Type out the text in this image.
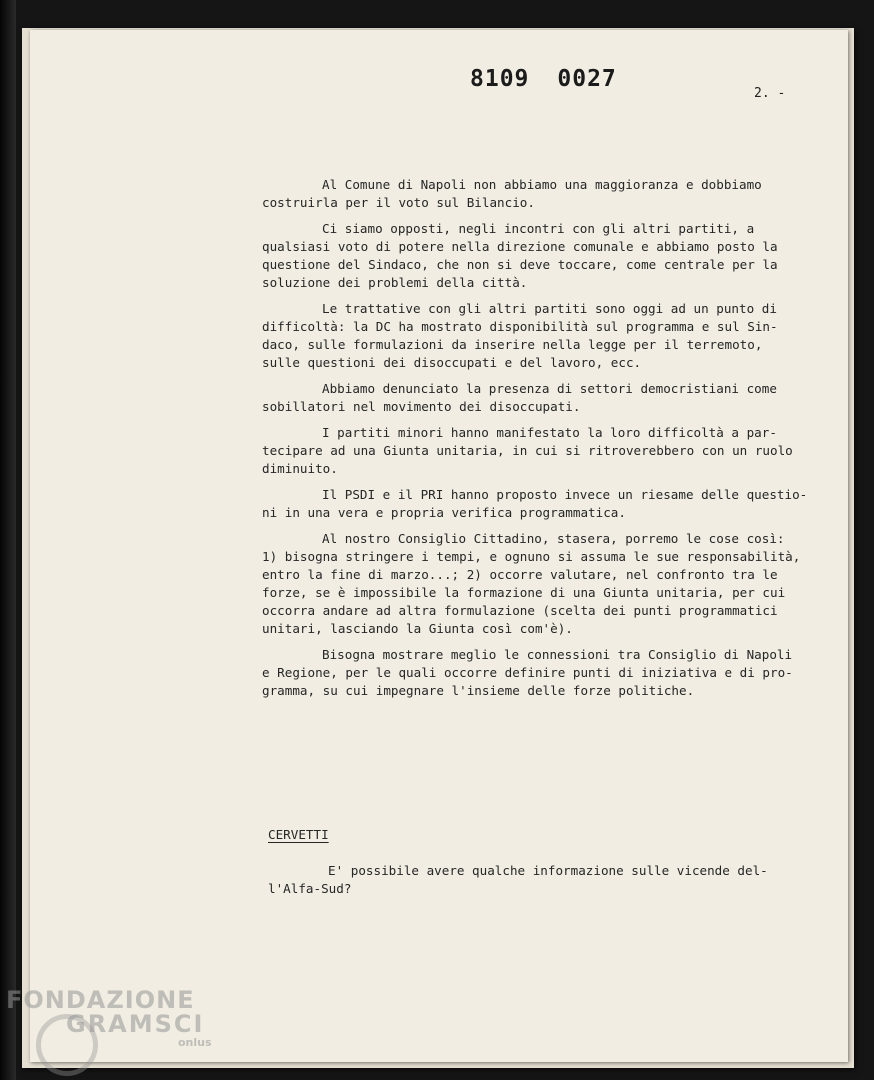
8109 0027
2. -

Al Comune di Napoli non abbiamo una maggioranza e dobbiamo
costruirla per il voto sul Bilancio.

Ci siamo opposti, negli incontri con gli altri partiti, a
qualsiasi voto di potere nella direzione comunale e abbiamo posto la
questione del Sindaco, che non si deve toccare, come centrale per la
soluzione dei problemi della città.

Le trattative con gli altri partiti sono oggi ad un punto di
difficoltà: la DC ha mostrato disponibilità sul programma e sul Sin-
daco, sulle formulazioni da inserire nella legge per il terremoto,
sulle questioni dei disoccupati e del lavoro, ecc.

Abbiamo denunciato la presenza di settori democristiani come
sobillatori nel movimento dei disoccupati.

I partiti minori hanno manifestato la loro difficoltà a par-
tecipare ad una Giunta unitaria, in cui si ritroverebbero con un ruolo
diminuito.

Il PSDI e il PRI hanno proposto invece un riesame delle questio-
ni in una vera e propria verifica programmatica.

Al nostro Consiglio Cittadino, stasera, porremo le cose così:
1) bisogna stringere i tempi, e ognuno si assuma le sue responsabilità,
entro la fine di marzo...; 2) occorre valutare, nel confronto tra le
forze, se è impossibile la formazione di una Giunta unitaria, per cui
occorra andare ad altra formulazione (scelta dei punti programmatici
unitari, lasciando la Giunta così com'è).

Bisogna mostrare meglio le connessioni tra Consiglio di Napoli
e Regione, per le quali occorre definire punti di iniziativa e di pro-
gramma, su cui impegnare l'insieme delle forze politiche.

CERVETTI

E' possibile avere qualche informazione sulle vicende del-
l'Alfa-Sud?

FONDAZIONE
GRAMSCI
onlus
